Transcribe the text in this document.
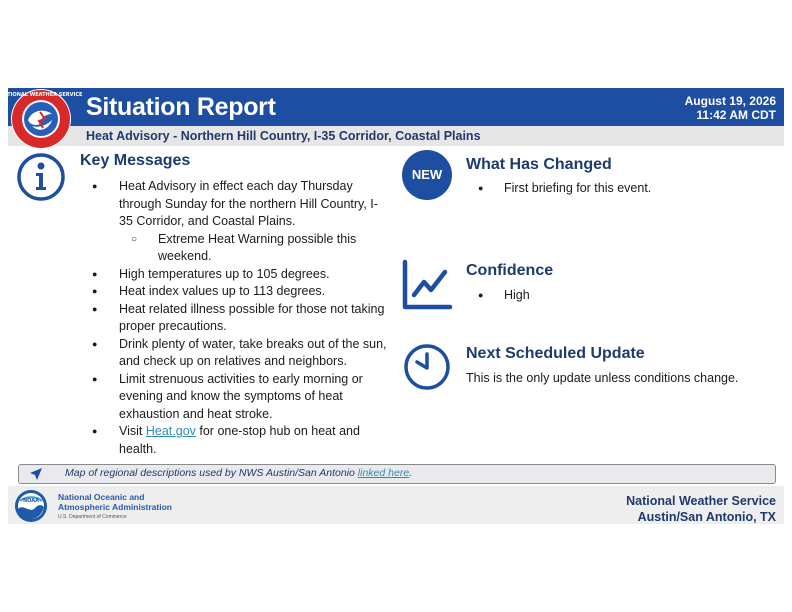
Situation Report	August 19, 2026
11:42 AM CDT
Heat Advisory - Northern Hill Country, I-35 Corridor, Coastal Plains
NATIONAL WEATHER SERVICE
Key Messages
● Heat Advisory in effect each day Thursday through Sunday for the northern Hill Country, I-35 Corridor, and Coastal Plains.
○ Extreme Heat Warning possible this weekend.
● High temperatures up to 105 degrees.
● Heat index values up to 113 degrees.
● Heat related illness possible for those not taking proper precautions.
● Drink plenty of water, take breaks out of the sun, and check up on relatives and neighbors.
● Limit strenuous activities to early morning or evening and know the symptoms of heat exhaustion and heat stroke.
● Visit Heat.gov for one-stop hub on heat and health.
NEW
What Has Changed
● First briefing for this event.
Confidence
● High
Next Scheduled Update
This is the only update unless conditions change.
Map of regional descriptions used by NWS Austin/San Antonio linked here.
NOAA National Oceanic and
Atmospheric Administration
U.S. Department of Commerce
National Weather Service
Austin/San Antonio, TX
